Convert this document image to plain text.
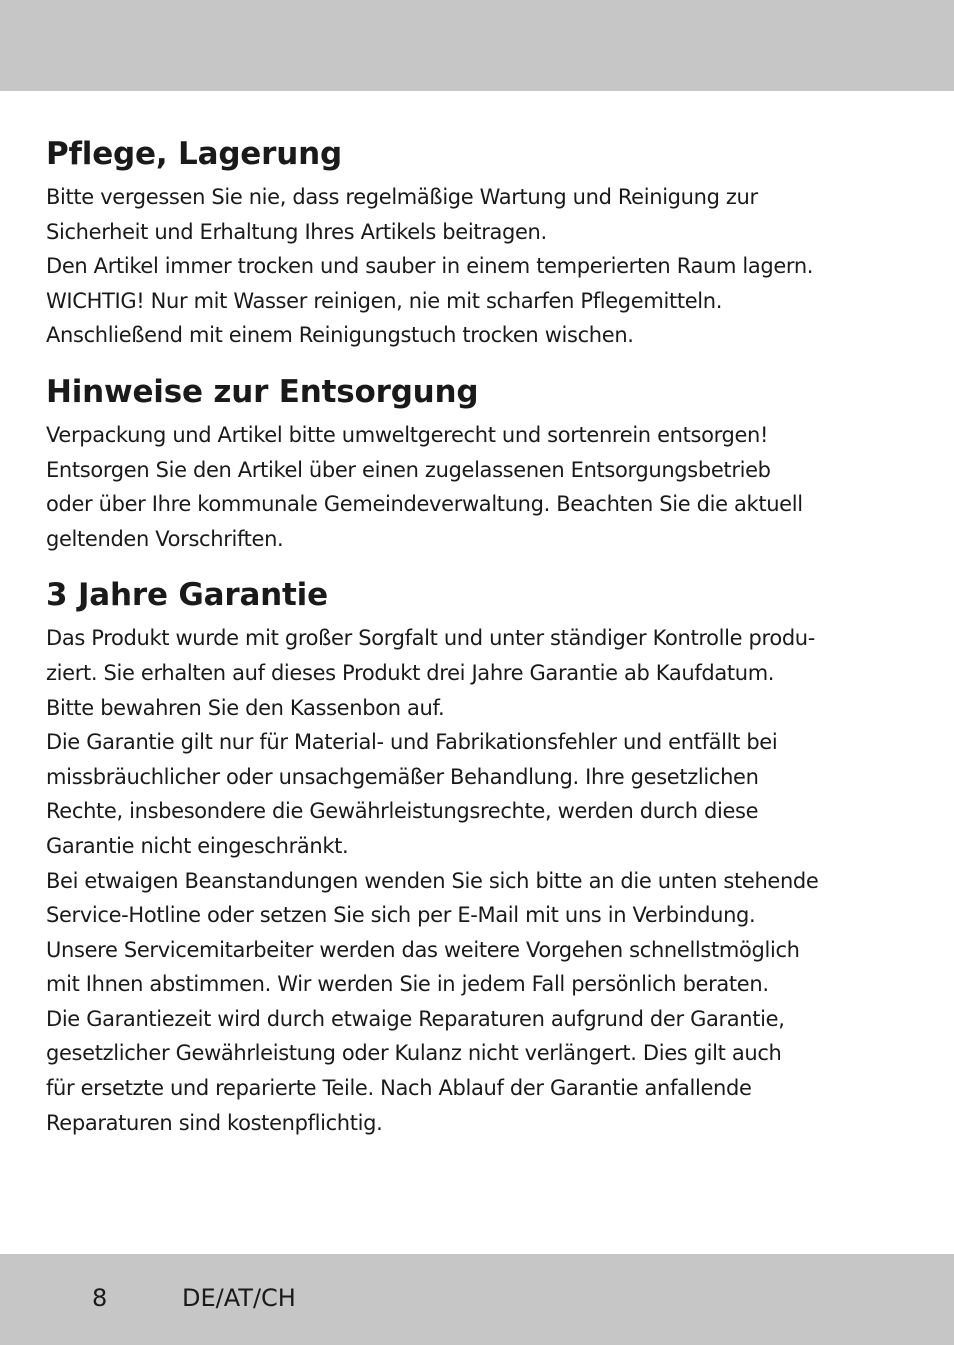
Pflege, Lagerung

Bitte vergessen Sie nie, dass regelmäßige Wartung und Reinigung zur
Sicherheit und Erhaltung Ihres Artikels beitragen.
Den Artikel immer trocken und sauber in einem temperierten Raum lagern.
WICHTIG! Nur mit Wasser reinigen, nie mit scharfen Pflegemitteln.
Anschließend mit einem Reinigungstuch trocken wischen.

Hinweise zur Entsorgung

Verpackung und Artikel bitte umweltgerecht und sortenrein entsorgen!
Entsorgen Sie den Artikel über einen zugelassenen Entsorgungsbetrieb
oder über Ihre kommunale Gemeindeverwaltung. Beachten Sie die aktuell
geltenden Vorschriften.

3 Jahre Garantie

Das Produkt wurde mit großer Sorgfalt und unter ständiger Kontrolle produ-
ziert. Sie erhalten auf dieses Produkt drei Jahre Garantie ab Kaufdatum.
Bitte bewahren Sie den Kassenbon auf.
Die Garantie gilt nur für Material- und Fabrikationsfehler und entfällt bei
missbräuchlicher oder unsachgemäßer Behandlung. Ihre gesetzlichen
Rechte, insbesondere die Gewährleistungsrechte, werden durch diese
Garantie nicht eingeschränkt.
Bei etwaigen Beanstandungen wenden Sie sich bitte an die unten stehende
Service-Hotline oder setzen Sie sich per E-Mail mit uns in Verbindung.
Unsere Servicemitarbeiter werden das weitere Vorgehen schnellstmöglich
mit Ihnen abstimmen. Wir werden Sie in jedem Fall persönlich beraten.
Die Garantiezeit wird durch etwaige Reparaturen aufgrund der Garantie,
gesetzlicher Gewährleistung oder Kulanz nicht verlängert. Dies gilt auch
für ersetzte und reparierte Teile. Nach Ablauf der Garantie anfallende
Reparaturen sind kostenpflichtig.

8	DE/AT/CH
